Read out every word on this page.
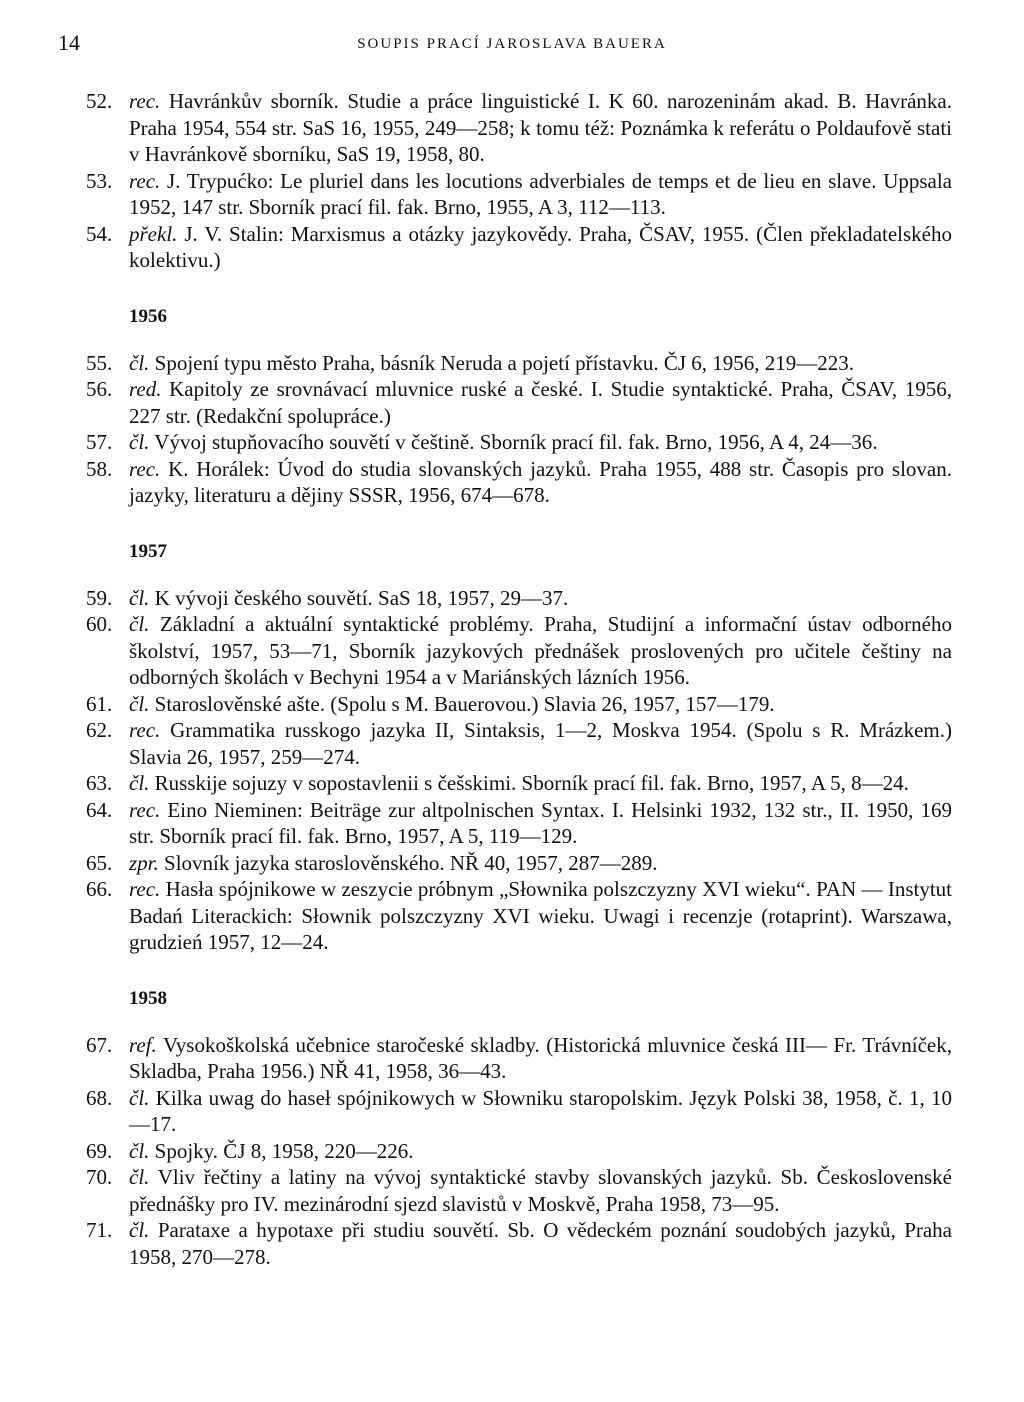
14	SOUPIS PRACÍ JAROSLAVA BAUERA
52. rec. Havránkův sborník. Studie a práce linguistické I. K 60. narozeninám akad. B. Havránka. Praha 1954, 554 str. SaS 16, 1955, 249—258; k tomu též: Poznámka k referátu o Poldaufově stati v Havránkově sborníku, SaS 19, 1958, 80.
53. rec. J. Trypućko: Le pluriel dans les locutions adverbiales de temps et de lieu en slave. Uppsala 1952, 147 str. Sborník prací fil. fak. Brno, 1955, A 3, 112—113.
54. překl. J. V. Stalin: Marxismus a otázky jazykovědy. Praha, ČSAV, 1955. (Člen překladatelského kolektivu.)
1956
55. čl. Spojení typu město Praha, básník Neruda a pojetí přístavku. ČJ 6, 1956, 219—223.
56. red. Kapitoly ze srovnávací mluvnice ruské a české. I. Studie syntaktické. Praha, ČSAV, 1956, 227 str. (Redakční spolupráce.)
57. čl. Vývoj stupňovacího souvětí v češtině. Sborník prací fil. fak. Brno, 1956, A 4, 24—36.
58. rec. K. Horálek: Úvod do studia slovanských jazyků. Praha 1955, 488 str. Časopis pro slovan. jazyky, literaturu a dějiny SSSR, 1956, 674—678.
1957
59. čl. K vývoji českého souvětí. SaS 18, 1957, 29—37.
60. čl. Základní a aktuální syntaktické problémy. Praha, Studijní a informační ústav odborného školství, 1957, 53—71, Sborník jazykových přednášek proslovených pro učitele češtiny na odborných školách v Bechyni 1954 a v Mariánských lázních 1956.
61. čl. Staroslověnské ašte. (Spolu s M. Bauerovou.) Slavia 26, 1957, 157—179.
62. rec. Grammatika russkogo jazyka II, Sintaksis, 1—2, Moskva 1954. (Spolu s R. Mrázkem.) Slavia 26, 1957, 259—274.
63. čl. Russkije sojuzy v sopostavlenii s češskimi. Sborník prací fil. fak. Brno, 1957, A 5, 8—24.
64. rec. Eino Nieminen: Beiträge zur altpolnischen Syntax. I. Helsinki 1932, 132 str., II. 1950, 169 str. Sborník prací fil. fak. Brno, 1957, A 5, 119—129.
65. zpr. Slovník jazyka staroslověnského. NŘ 40, 1957, 287—289.
66. rec. Hasła spójnikowe w zeszycie próbnym „Słownika polszczyzny XVI wieku“. PAN — Instytut Badań Literackich: Słownik polszczyzny XVI wieku. Uwagi i recenzje (rotaprint). Warszawa, grudzień 1957, 12—24.
1958
67. ref. Vysokoškolská učebnice staročeské skladby. (Historická mluvnice česká III— Fr. Trávníček, Skladba, Praha 1956.) NŘ 41, 1958, 36—43.
68. čl. Kilka uwag do haseł spójnikowych w Słowniku staropolskim. Język Polski 38, 1958, č. 1, 10—17.
69. čl. Spojky. ČJ 8, 1958, 220—226.
70. čl. Vliv řečtiny a latiny na vývoj syntaktické stavby slovanských jazyků. Sb. Československé přednášky pro IV. mezinárodní sjezd slavistů v Moskvě, Praha 1958, 73—95.
71. čl. Parataxe a hypotaxe při studiu souvětí. Sb. O vědeckém poznání soudobých jazyků, Praha 1958, 270—278.
